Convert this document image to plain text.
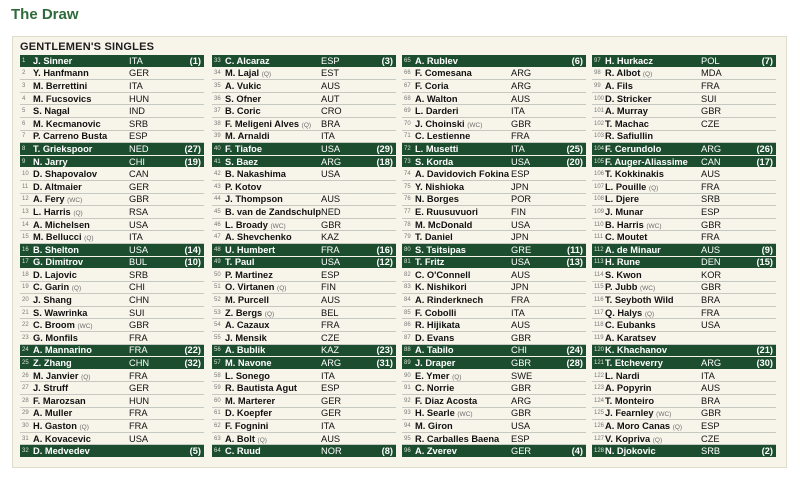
The Draw
GENTLEMEN'S SINGLES
1 J. Sinner	ITA	(1)
2 Y. Hanfmann	GER
3 M. Berrettini	ITA
4 M. Fucsovics	HUN
5 S. Nagal	IND
6 M. Kecmanovic	SRB
7 P. Carreno Busta	ESP
8 T. Griekspoor	NED	(27)
9 N. Jarry	CHI	(19)
10 D. Shapovalov	CAN
11 D. Altmaier	GER
12 A. Fery (WC)	GBR
13 L. Harris (Q)	RSA
14 A. Michelsen	USA
15 M. Bellucci (Q)	ITA
16 B. Shelton	USA	(14)
17 G. Dimitrov	BUL	(10)
18 D. Lajovic	SRB
19 C. Garin (Q)	CHI
20 J. Shang	CHN
21 S. Wawrinka	SUI
22 C. Broom (WC)	GBR
23 G. Monfils	FRA
24 A. Mannarino	FRA	(22)
25 Z. Zhang	CHN	(32)
26 M. Janvier (Q)	FRA
27 J. Struff	GER
28 F. Marozsan	HUN
29 A. Muller	FRA
30 H. Gaston (Q)	FRA
31 A. Kovacevic	USA
32 D. Medvedev	(5)
33 C. Alcaraz	ESP	(3)
34 M. Lajal (Q)	EST
35 A. Vukic	AUS
36 S. Ofner	AUT
37 B. Coric	CRO
38 F. Meligeni Alves (Q)	BRA
39 M. Arnaldi	ITA
40 F. Tiafoe	USA	(29)
41 S. Baez	ARG	(18)
42 B. Nakashima	USA
43 P. Kotov
44 J. Thompson	AUS
45 B. van de Zandschulp NED
46 L. Broady (WC)	GBR
47 A. Shevchenko	KAZ
48 U. Humbert	FRA	(16)
49 T. Paul	USA	(12)
50 P. Martinez	ESP
51 O. Virtanen (Q)	FIN
52 M. Purcell	AUS
53 Z. Bergs (Q)	BEL
54 A. Cazaux	FRA
55 J. Mensik	CZE
56 A. Bublik	KAZ	(23)
57 M. Navone	ARG	(31)
58 L. Sonego	ITA
59 R. Bautista Agut	ESP
60 M. Marterer	GER
61 D. Koepfer	GER
62 F. Fognini	ITA
63 A. Bolt (Q)	AUS
64 C. Ruud	NOR	(8)
65 A. Rublev	(6)
66 F. Comesana	ARG
67 F. Coria	ARG
68 A. Walton	AUS
69 L. Darderi	ITA
70 J. Choinski (WC)	GBR
71 C. Lestienne	FRA
72 L. Musetti	ITA	(25)
73 S. Korda	USA	(20)
74 A. Davidovich Fokina ESP
75 Y. Nishioka	JPN
76 N. Borges	POR
77 E. Ruusuvuori	FIN
78 M. McDonald	USA
79 T. Daniel	JPN
80 S. Tsitsipas	GRE	(11)
81 T. Fritz	USA	(13)
82 C. O'Connell	AUS
83 K. Nishikori	JPN
84 A. Rinderknech	FRA
85 F. Cobolli	ITA
86 R. Hijikata	AUS
87 D. Evans	GBR
88 A. Tabilo	CHI	(24)
89 J. Draper	GBR	(28)
90 E. Ymer (Q)	SWE
91 C. Norrie	GBR
92 F. Diaz Acosta	ARG
93 H. Searle (WC)	GBR
94 M. Giron	USA
95 R. Carballes Baena	ESP
96 A. Zverev	GER	(4)
97 H. Hurkacz	POL	(7)
98 R. Albot (Q)	MDA
99 A. Fils	FRA
100 D. Stricker	SUI
101 A. Murray	GBR
102 T. Machac	CZE
103 R. Safiullin
104 F. Cerundolo	ARG	(26)
105 F. Auger-Aliassime	CAN	(17)
106 T. Kokkinakis	AUS
107 L. Pouille (Q)	FRA
108 L. Djere	SRB
109 J. Munar	ESP
110 B. Harris (WC)	GBR
111 C. Moutet	FRA
112 A. de Minaur	AUS	(9)
113 H. Rune	DEN	(15)
114 S. Kwon	KOR
115 P. Jubb (WC)	GBR
116 T. Seyboth Wild	BRA
117 Q. Halys (Q)	FRA
118 C. Eubanks	USA
119 A. Karatsev
120 K. Khachanov	(21)
121 T. Etcheverry	ARG	(30)
122 L. Nardi	ITA
123 A. Popyrin	AUS
124 T. Monteiro	BRA
125 J. Fearnley (WC)	GBR
126 A. Moro Canas (Q)	ESP
127 V. Kopriva (Q)	CZE
128 N. Djokovic	SRB	(2)
